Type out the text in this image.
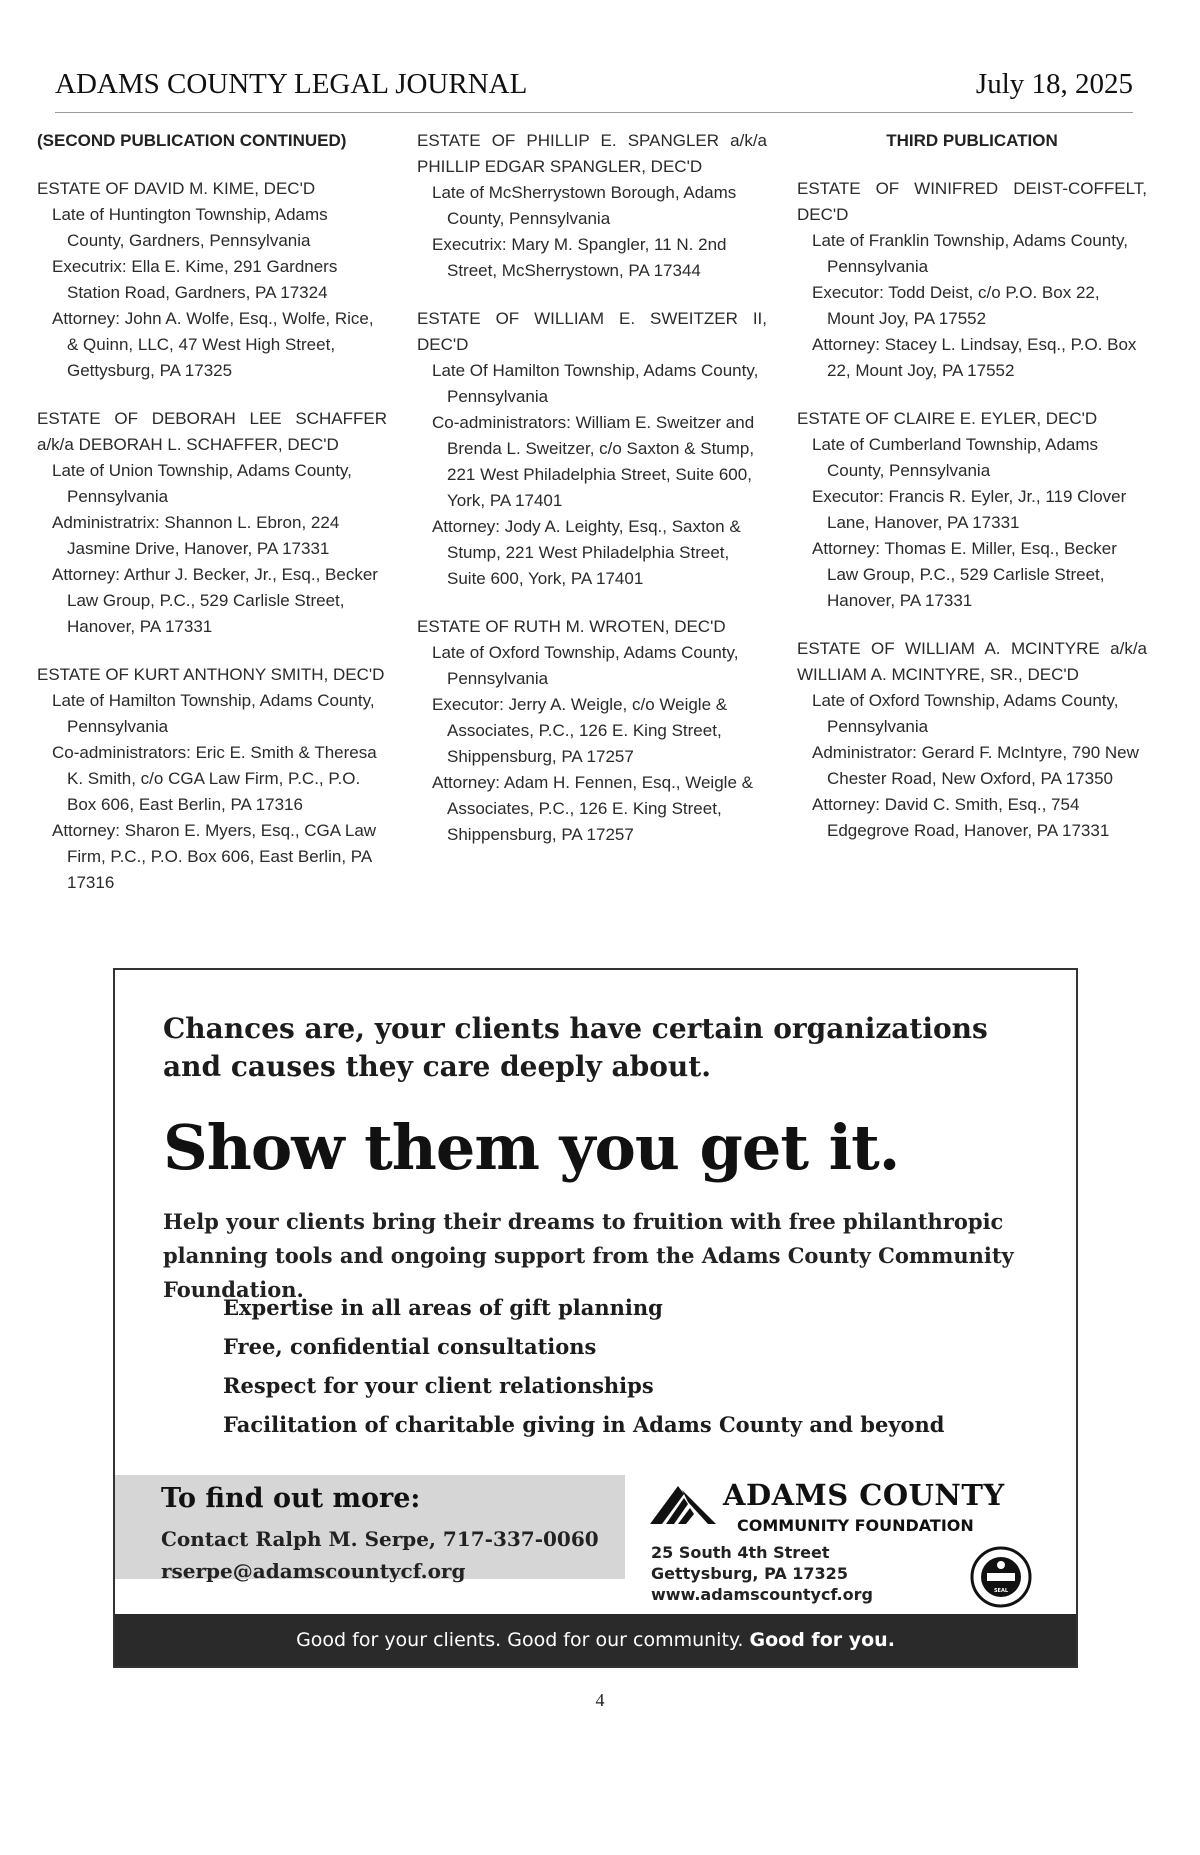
ADAMS COUNTY LEGAL JOURNAL	July 18, 2025
(SECOND PUBLICATION CONTINUED)
ESTATE OF DAVID M. KIME, DEC'D
Late of Huntington Township, Adams County, Gardners, Pennsylvania
Executrix: Ella E. Kime, 291 Gardners Station Road, Gardners, PA 17324
Attorney: John A. Wolfe, Esq., Wolfe, Rice, & Quinn, LLC, 47 West High Street, Gettysburg, PA 17325
ESTATE OF DEBORAH LEE SCHAFFER a/k/a DEBORAH L. SCHAFFER, DEC'D
Late of Union Township, Adams County, Pennsylvania
Administratrix: Shannon L. Ebron, 224 Jasmine Drive, Hanover, PA 17331
Attorney: Arthur J. Becker, Jr., Esq., Becker Law Group, P.C., 529 Carlisle Street, Hanover, PA 17331
ESTATE OF KURT ANTHONY SMITH, DEC'D
Late of Hamilton Township, Adams County, Pennsylvania
Co-administrators: Eric E. Smith & Theresa K. Smith, c/o CGA Law Firm, P.C., P.O. Box 606, East Berlin, PA 17316
Attorney: Sharon E. Myers, Esq., CGA Law Firm, P.C., P.O. Box 606, East Berlin, PA 17316
ESTATE OF PHILLIP E. SPANGLER a/k/a PHILLIP EDGAR SPANGLER, DEC'D
Late of McSherrystown Borough, Adams County, Pennsylvania
Executrix: Mary M. Spangler, 11 N. 2nd Street, McSherrystown, PA 17344
ESTATE OF WILLIAM E. SWEITZER II, DEC'D
Late Of Hamilton Township, Adams County, Pennsylvania
Co-administrators: William E. Sweitzer and Brenda L. Sweitzer, c/o Saxton & Stump, 221 West Philadelphia Street, Suite 600, York, PA 17401
Attorney: Jody A. Leighty, Esq., Saxton & Stump, 221 West Philadelphia Street, Suite 600, York, PA 17401
ESTATE OF RUTH M. WROTEN, DEC'D
Late of Oxford Township, Adams County, Pennsylvania
Executor: Jerry A. Weigle, c/o Weigle & Associates, P.C., 126 E. King Street, Shippensburg, PA 17257
Attorney: Adam H. Fennen, Esq., Weigle & Associates, P.C., 126 E. King Street, Shippensburg, PA 17257
THIRD PUBLICATION
ESTATE OF WINIFRED DEIST-COFFELT, DEC'D
Late of Franklin Township, Adams County, Pennsylvania
Executor: Todd Deist, c/o P.O. Box 22, Mount Joy, PA 17552
Attorney: Stacey L. Lindsay, Esq., P.O. Box 22, Mount Joy, PA 17552
ESTATE OF CLAIRE E. EYLER, DEC'D
Late of Cumberland Township, Adams County, Pennsylvania
Executor: Francis R. Eyler, Jr., 119 Clover Lane, Hanover, PA 17331
Attorney: Thomas E. Miller, Esq., Becker Law Group, P.C., 529 Carlisle Street, Hanover, PA 17331
ESTATE OF WILLIAM A. MCINTYRE a/k/a WILLIAM A. MCINTYRE, SR., DEC'D
Late of Oxford Township, Adams County, Pennsylvania
Administrator: Gerard F. McIntyre, 790 New Chester Road, New Oxford, PA 17350
Attorney: David C. Smith, Esq., 754 Edgegrove Road, Hanover, PA 17331
Chances are, your clients have certain organizations and causes they care deeply about.
Show them you get it.
Help your clients bring their dreams to fruition with free philanthropic planning tools and ongoing support from the Adams County Community Foundation.
Expertise in all areas of gift planning
Free, confidential consultations
Respect for your client relationships
Facilitation of charitable giving in Adams County and beyond
To find out more:
Contact Ralph M. Serpe, 717-337-0060
rserpe@adamscountycf.org
ADAMS COUNTY
COMMUNITY FOUNDATION
25 South 4th Street
Gettysburg, PA 17325
www.adamscountycf.org	SEAL
Good for your clients. Good for our community. Good for you.
4
